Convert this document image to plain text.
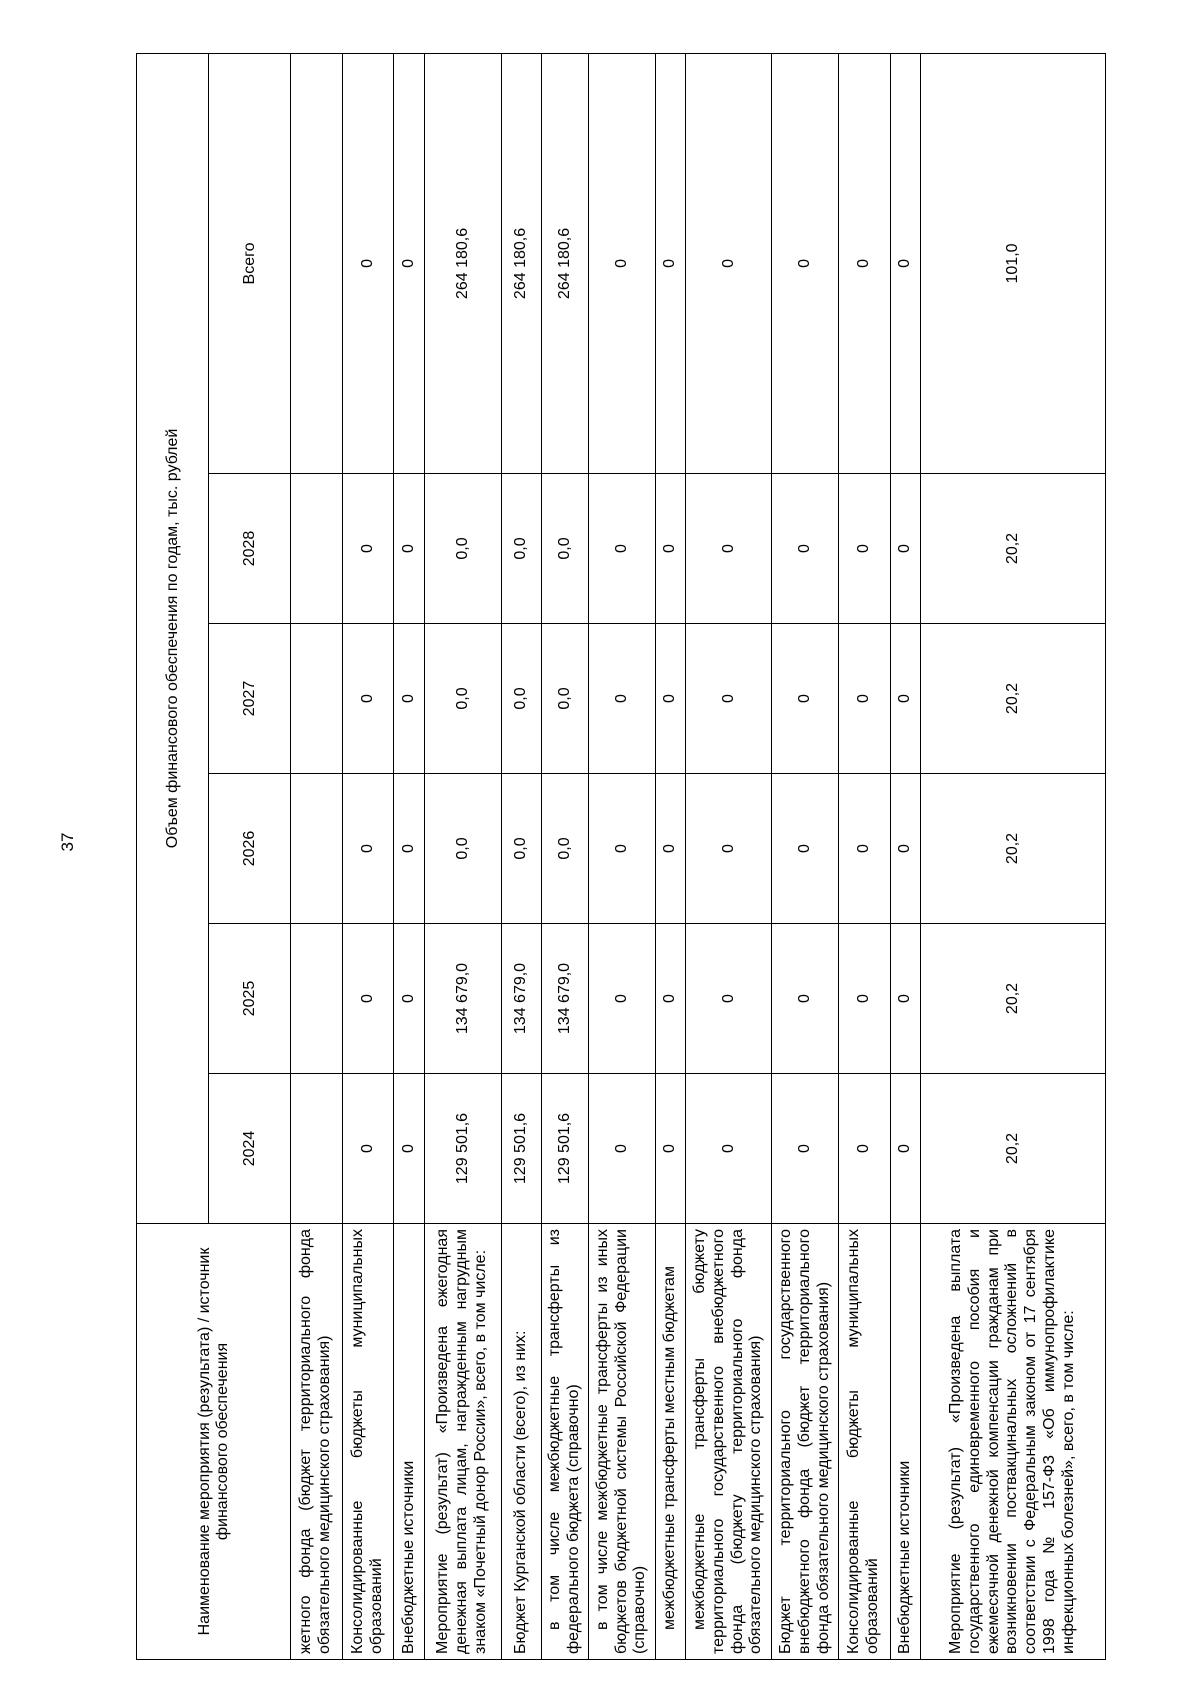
37
Наименование мероприятия (результата) / источник финансового обеспечения	Объем финансового обеспечения по годам, тыс. рублей					
	2024	2025	2026	2027	2028	Всего
жетного фонда (бюджет территориального фонда обязательного медицинского страхования)						
Консолидированные бюджеты муниципальных образований	0	0	0	0	0	0
Внебюджетные источники	0	0	0	0	0	0
Мероприятие (результат) «Произведена ежегодная денежная выплата лицам, награжденным нагрудным знаком «Почетный донор России», всего, в том числе:	129 501,6	134 679,0	0,0	0,0	0,0	264 180,6
Бюджет Курганской области (всего), из них:	129 501,6	134 679,0	0,0	0,0	0,0	264 180,6
в том числе межбюджетные трансферты из федерального бюджета (справочно)	129 501,6	134 679,0	0,0	0,0	0,0	264 180,6
в том числе межбюджетные трансферты из иных бюджетов бюджетной системы Российской Федерации (справочно)	0	0	0	0	0	0
межбюджетные трансферты местным бюджетам	0	0	0	0	0	0
межбюджетные трансферты бюджету территориального государственного внебюджетного фонда (бюджету территориального фонда обязательного медицинского страхования)	0	0	0	0	0	0
Бюджет территориального государственного внебюджетного фонда (бюджет территориального фонда обязательного медицинского страхования)	0	0	0	0	0	0
Консолидированные бюджеты муниципальных образований	0	0	0	0	0	0
Внебюджетные источники	0	0	0	0	0	0
Мероприятие (результат) «Произведена выплата государственного единовременного пособия и ежемесячной денежной компенсации гражданам при возникновении поствакцинальных осложнений в соответствии с Федеральным законом от 17 сентября 1998 года № 157-ФЗ «Об иммунопрофилактике инфекционных болезней», всего, в том числе:	20,2	20,2	20,2	20,2	20,2	101,0
